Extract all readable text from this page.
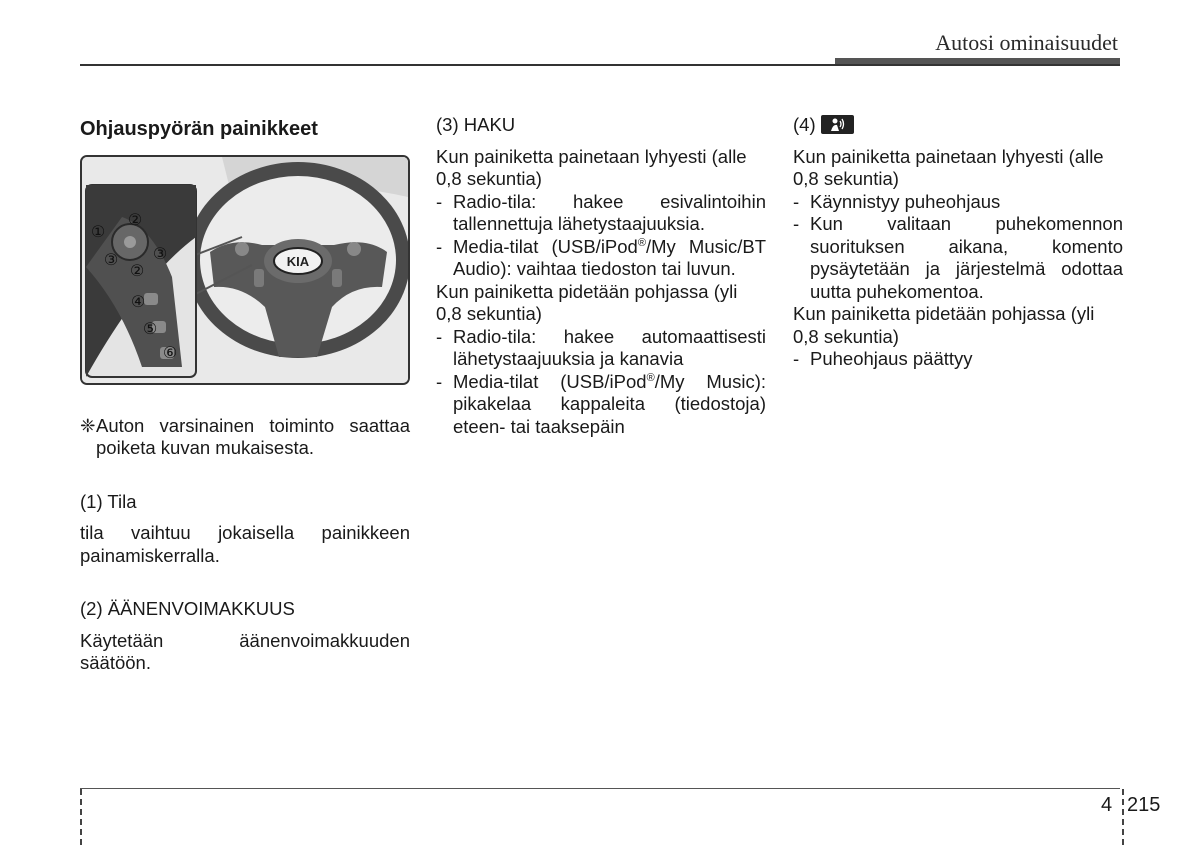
Autosi ominaisuudet
Ohjauspyörän painikkeet
KIA
②
①
③ ③
②
④
⑤
⑥
❈ Auton varsinainen toiminto saattaa poiketa kuvan mukaisesta.

(1) Tila

tila vaihtuu jokaisella painikkeen painamiskerralla.

(2) ÄÄNENVOIMAKKUUS

Käytetään äänenvoimakkuuden säätöön.

(3) HAKU

Kun painiketta painetaan lyhyesti (alle 0,8 sekuntia)

- Radio-tila: hakee esivalintoihin tallennettuja lähetystaajuuksia.
- Media-tilat (USB/iPod®/My Music/BT Audio): vaihtaa tiedoston tai luvun.

Kun painiketta pidetään pohjassa (yli 0,8 sekuntia)

- Radio-tila: hakee automaattisesti lähetystaajuuksia ja kanavia
- Media-tilat (USB/iPod®/My Music): pikakelaa kappaleita (tiedostoja) eteen- tai taaksepäin

(4)

Kun painiketta painetaan lyhyesti (alle 0,8 sekuntia)

- Käynnistyy puheohjaus
- Kun valitaan puhekomennon suorituksen aikana, komento pysäytetään ja järjestelmä odottaa uutta puhekomentoa.

Kun painiketta pidetään pohjassa (yli 0,8 sekuntia)

- Puheohjaus päättyy
4 215
